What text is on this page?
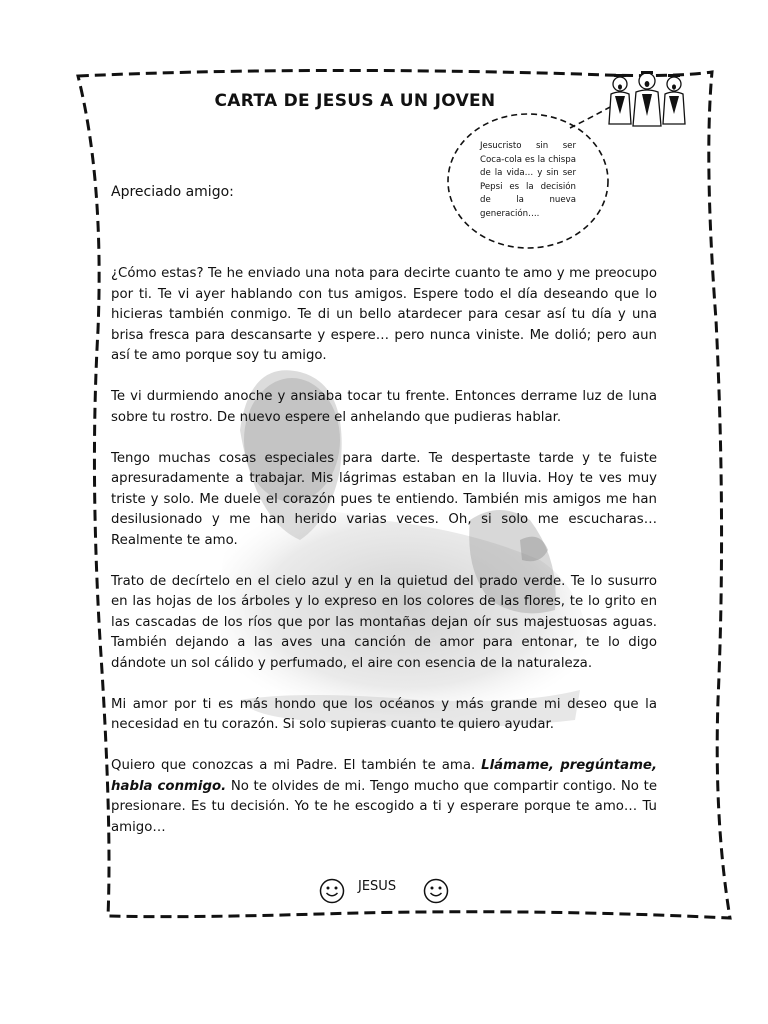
CARTA DE JESUS A UN JOVEN
Jesucristo sin ser Coca-cola es la chispa de la vida… y sin ser Pepsi es la decisión de la nueva generación….
Apreciado amigo:

¿Cómo estas? Te he enviado una nota para decirte cuanto te amo y me preocupo por ti. Te vi ayer hablando con tus amigos. Espere todo el día deseando que lo hicieras también conmigo. Te di un bello atardecer para cesar así tu día y una brisa fresca para descansarte y espere… pero nunca viniste. Me dolió; pero aun así te amo porque soy tu amigo.

Te vi durmiendo anoche y ansiaba tocar tu frente. Entonces derrame luz de luna sobre tu rostro. De nuevo espere el anhelando que pudieras hablar.

Tengo muchas cosas especiales para darte. Te despertaste tarde y te fuiste apresuradamente a trabajar. Mis lágrimas estaban en la lluvia. Hoy te ves muy triste y solo. Me duele el corazón pues te entiendo. También mis amigos me han desilusionado y me han herido varias veces. Oh, si solo me escucharas… Realmente te amo.

Trato de decírtelo en el cielo azul y en la quietud del prado verde. Te lo susurro en las hojas de los árboles y lo expreso en los colores de las flores, te lo grito en las cascadas de los ríos que por las montañas dejan oír sus majestuosas aguas. También dejando a las aves una canción de amor para entonar, te lo digo dándote un sol cálido y perfumado, el aire con esencia de la naturaleza.

Mi amor por ti es más hondo que los océanos y más grande mi deseo que la necesidad en tu corazón. Si solo supieras cuanto te quiero ayudar.

Quiero que conozcas a mi Padre. El también te ama. Llámame, pregúntame, habla conmigo. No te olvides de mi. Tengo mucho que compartir contigo. No te presionare. Es tu decisión. Yo te he escogido a ti y esperare porque te amo… Tu amigo…

JESUS
